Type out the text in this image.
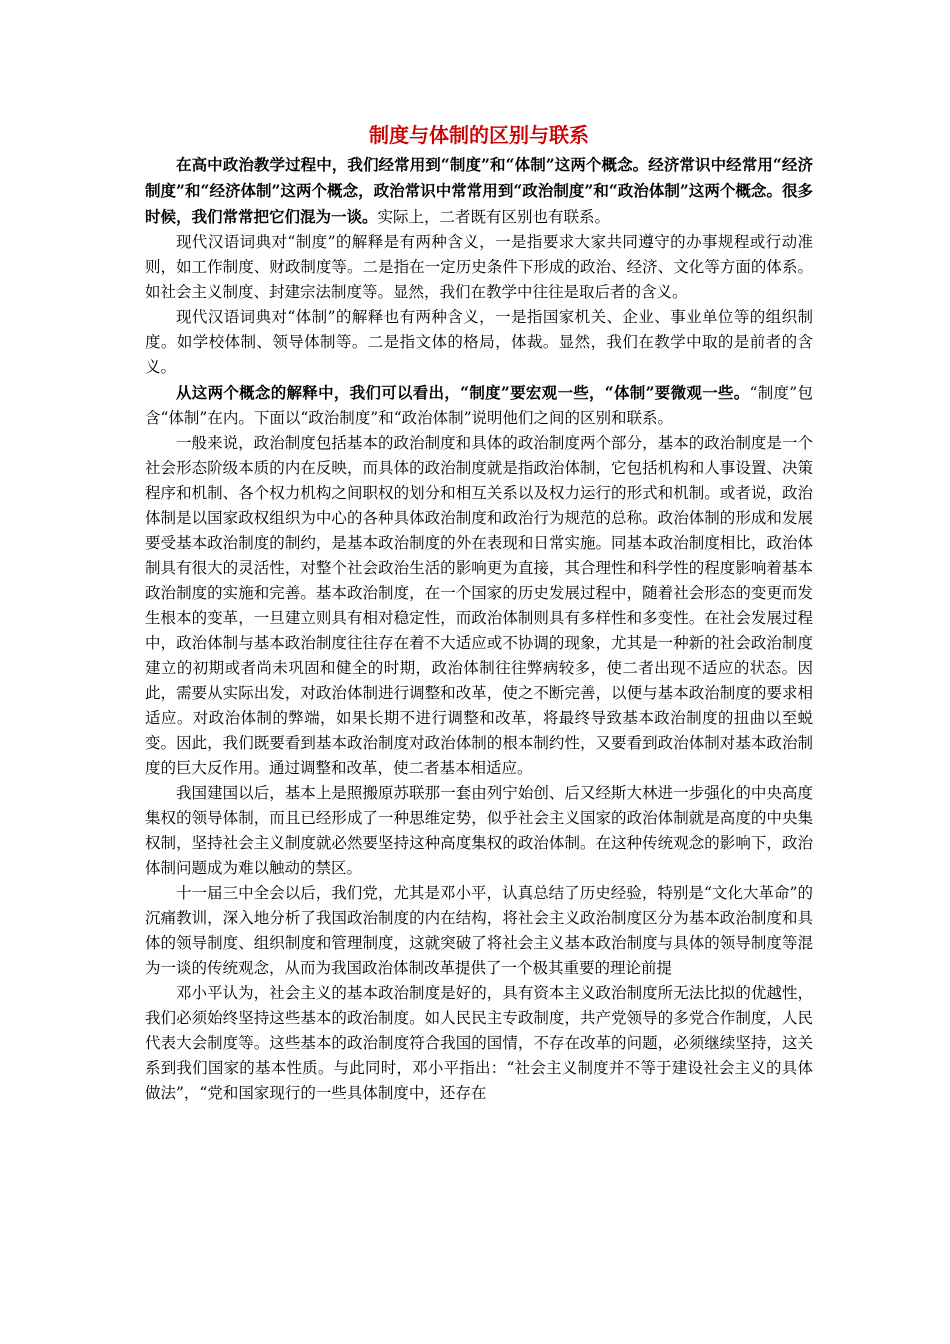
制度与体制的区别与联系

在高中政治教学过程中，我们经常用到“制度”和“体制”这两个概念。经济常识中经常用“经济制度”和“经济体制”这两个概念，政治常识中常常用到“政治制度”和“政治体制”这两个概念。很多时候，我们常常把它们混为一谈。实际上，二者既有区别也有联系。

现代汉语词典对“制度”的解释是有两种含义，一是指要求大家共同遵守的办事规程或行动准则，如工作制度、财政制度等。二是指在一定历史条件下形成的政治、经济、文化等方面的体系。如社会主义制度、封建宗法制度等。显然，我们在教学中往往是取后者的含义。

现代汉语词典对“体制”的解释也有两种含义，一是指国家机关、企业、事业单位等的组织制度。如学校体制、领导体制等。二是指文体的格局，体裁。显然，我们在教学中取的是前者的含义。

从这两个概念的解释中，我们可以看出，“制度”要宏观一些，“体制”要微观一些。“制度”包含“体制”在内。下面以“政治制度”和“政治体制”说明他们之间的区别和联系。

一般来说，政治制度包括基本的政治制度和具体的政治制度两个部分，基本的政治制度是一个社会形态阶级本质的内在反映，而具体的政治制度就是指政治体制，它包括机构和人事设置、决策程序和机制、各个权力机构之间职权的划分和相互关系以及权力运行的形式和机制。或者说，政治体制是以国家政权组织为中心的各种具体政治制度和政治行为规范的总称。政治体制的形成和发展要受基本政治制度的制约，是基本政治制度的外在表现和日常实施。同基本政治制度相比，政治体制具有很大的灵活性，对整个社会政治生活的影响更为直接，其合理性和科学性的程度影响着基本政治制度的实施和完善。基本政治制度，在一个国家的历史发展过程中，随着社会形态的变更而发生根本的变革，一旦建立则具有相对稳定性，而政治体制则具有多样性和多变性。在社会发展过程中，政治体制与基本政治制度往往存在着不大适应或不协调的现象，尤其是一种新的社会政治制度建立的初期或者尚未巩固和健全的时期，政治体制往往弊病较多，使二者出现不适应的状态。因此，需要从实际出发，对政治体制进行调整和改革，使之不断完善，以便与基本政治制度的要求相适应。对政治体制的弊端，如果长期不进行调整和改革，将最终导致基本政治制度的扭曲以至蜕变。因此，我们既要看到基本政治制度对政治体制的根本制约性，又要看到政治体制对基本政治制度的巨大反作用。通过调整和改革，使二者基本相适应。

我国建国以后，基本上是照搬原苏联那一套由列宁始创、后又经斯大林进一步强化的中央高度集权的领导体制，而且已经形成了一种思维定势，似乎社会主义国家的政治体制就是高度的中央集权制，坚持社会主义制度就必然要坚持这种高度集权的政治体制。在这种传统观念的影响下，政治体制问题成为难以触动的禁区。

十一届三中全会以后，我们党，尤其是邓小平，认真总结了历史经验，特别是“文化大革命”的沉痛教训，深入地分析了我国政治制度的内在结构，将社会主义政治制度区分为基本政治制度和具体的领导制度、组织制度和管理制度，这就突破了将社会主义基本政治制度与具体的领导制度等混为一谈的传统观念，从而为我国政治体制改革提供了一个极其重要的理论前提

邓小平认为，社会主义的基本政治制度是好的，具有资本主义政治制度所无法比拟的优越性，我们必须始终坚持这些基本的政治制度。如人民民主专政制度，共产党领导的多党合作制度，人民代表大会制度等。这些基本的政治制度符合我国的国情，不存在改革的问题，必须继续坚持，这关系到我们国家的基本性质。与此同时，邓小平指出：“社会主义制度并不等于建设社会主义的具体做法”，“党和国家现行的一些具体制度中，还存在
